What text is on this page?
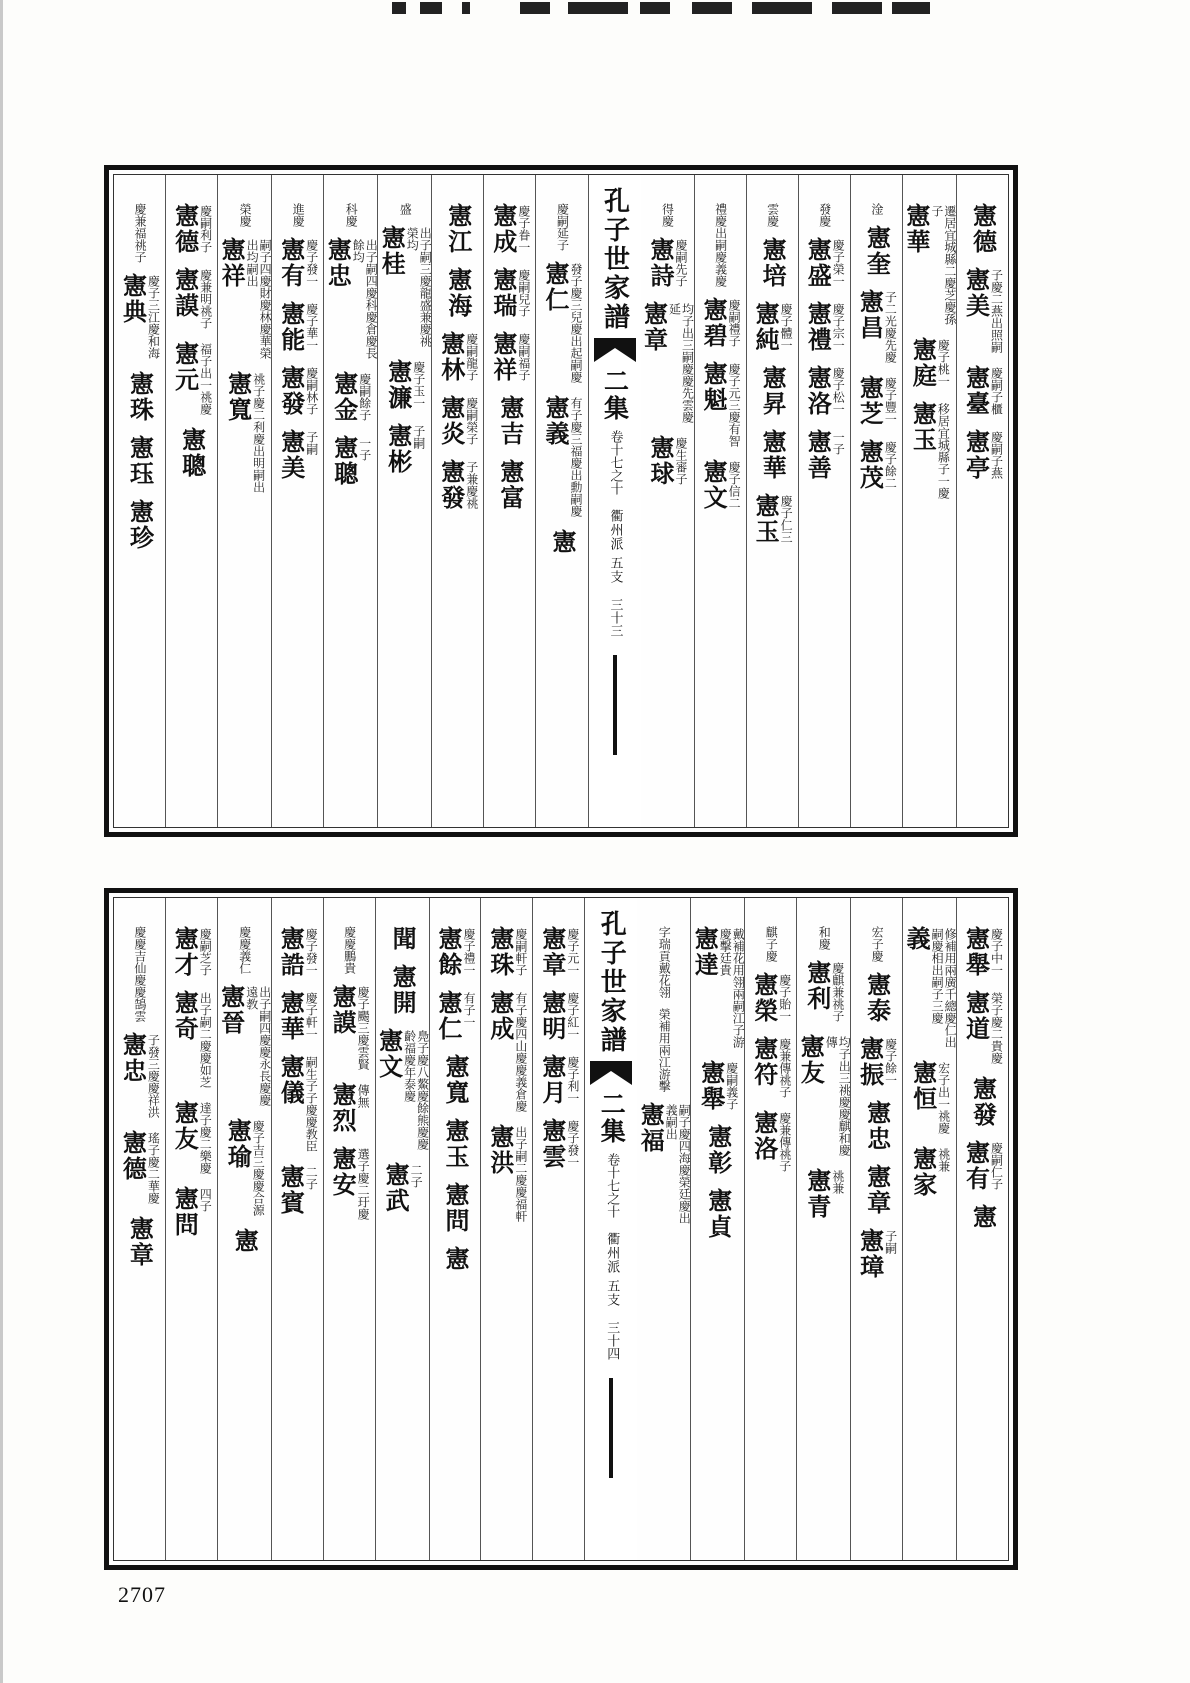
憲德
憲美 子慶二燕出照嗣
憲臺 慶嗣子櫃
憲亭 慶嗣子燕
憲華	遷居宜城縣二慶芝慶孫子
憲庭 慶子桃一
憲玉 移居宜城縣子一慶
淦
憲奎
憲昌 子二光慶先慶
憲芝 慶子豐一
憲茂 慶子餘二
發慶
憲盛 慶子榮一
憲禮 慶子宗一
憲洛 慶子松一
憲善 一子
雲慶
憲培
憲純 慶子體一
憲昇
憲華
憲玉 慶子仁三
禮慶出嗣慶義慶
憲碧 慶嗣禮子
憲魁 慶子元三慶有智
憲文 慶子信二
得慶
憲詩 慶嗣先子
憲章	均子出三嗣慶慶先雲慶延
憲球 慶生審子
孔子世家譜
二集
卷十七之十
衢州派 五支
三十三
慶嗣延子
憲仁 發子慶三兒慶出起嗣慶
憲義 有子慶三福慶出勳嗣慶
憲
憲成 慶子眷一
憲瑞 慶嗣兒子
憲祥 慶嗣福子
憲吉
憲富
憲江
憲海
憲林 慶嗣龍子
憲炎 慶嗣榮子
憲發 子兼慶祧
盛
憲桂	出子嗣三慶龍盛兼慶祧榮均
憲濂 慶子玉一
憲彬 子嗣
科慶
憲忠	出子嗣四慶科慶倉慶長餘均
憲金 慶嗣餘子
憲聰 一子
進慶
憲有 慶子發一
憲能 慶子華一
憲發 慶嗣林子
憲美 子嗣
榮慶
憲祥	嗣子四慶財慶林慶華榮出均嗣出
憲寬 祧子慶二利慶出明嗣出
憲德 慶嗣利子
憲謨 慶兼明祧子
憲元 福子出一祧慶
憲聰
慶兼福祧子
憲典 慶子三江慶和海
憲珠
憲珏
憲珍
憲舉 慶子中一
憲道 榮子慶二貴慶
憲發
憲有 慶嗣仁子
憲
義	修補用兩廣千總慶仁出嗣慶相出嗣子三慶
憲恒 宏子出一祧慶
憲家 祧兼
宏子慶
憲泰
憲振 慶子餘一
憲忠
憲章
憲璋 子嗣
和慶
憲利 慶麒兼祧子
憲友	均子出三祧慶慶麒和慶傳
憲青 祧兼
麒子慶
憲榮 慶子貽一
憲符 慶兼傳祧子
憲洛 慶兼傳祧子
憲達	戴補花用翎兩嗣江子游慶擊廷貴
憲舉 慶嗣義子
憲彰
憲貞
字瑞貢戴花翎
榮補用兩江游擊
憲福	嗣子慶四海慶榮廷慶出義嗣出
孔子世家譜
二集
卷十七之十
衢州派 五支
三十四
憲章 慶子元一
憲明 慶子紅一
憲月 慶子利一
憲雲 慶子發一
憲珠 慶嗣軒子
憲成 有子慶四山慶慶義倉慶
憲洪 出子嗣二慶慶福軒
憲餘 慶子禮一
憲仁 有子一
憲寬
憲玉
憲問
憲
聞
憲開
憲文	鳧子慶八鰲慶餘熊慶慶齡福慶年泰慶
憲武 二子
慶慶鵬貴
憲謨 慶子颺三慶雲賢
憲烈 傳無
憲安 選子慶二玗慶
憲誥 慶子發一
憲華 慶子軒一
憲儀 嗣生子子慶慶教臣
憲賓 二子
慶慶義仁
憲晉	出子嗣四慶慶永長慶慶遠教
憲瑜 慶子吉三慶慶合源
憲
憲才 慶嗣芝子
憲奇 出子嗣二慶慶如芝
憲友 達子慶二樂慶
憲問 四子
慶慶吉仙慶慶鵠雲
憲忠 子發三慶慶祥洪
憲德 瑤子慶二華慶
憲章
2707
